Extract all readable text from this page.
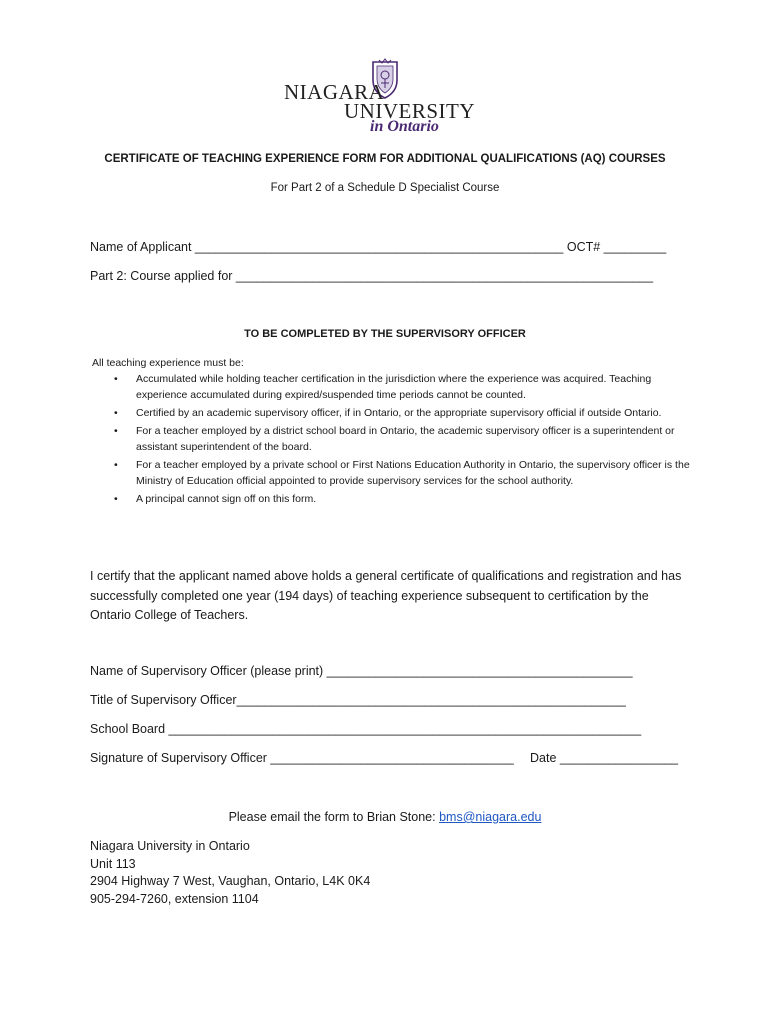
NIAGARA
UNIVERSITY
in Ontario
CERTIFICATE OF TEACHING EXPERIENCE FORM FOR ADDITIONAL QUALIFICATIONS (AQ) COURSES
For Part 2 of a Schedule D Specialist Course
Name of Applicant _____________________________________________________ OCT# _________
Part 2: Course applied for ____________________________________________________________
TO BE COMPLETED BY THE SUPERVISORY OFFICER
All teaching experience must be:
• Accumulated while holding teacher certification in the jurisdiction where the experience was acquired. Teaching experience accumulated during expired/suspended time periods cannot be counted.
• Certified by an academic supervisory officer, if in Ontario, or the appropriate supervisory official if outside Ontario.
• For a teacher employed by a district school board in Ontario, the academic supervisory officer is a superintendent or assistant superintendent of the board.
• For a teacher employed by a private school or First Nations Education Authority in Ontario, the supervisory officer is the Ministry of Education official appointed to provide supervisory services for the school authority.
• A principal cannot sign off on this form.
I certify that the applicant named above holds a general certificate of qualifications and registration and has successfully completed one year (194 days) of teaching experience subsequent to certification by the Ontario College of Teachers.
Name of Supervisory Officer (please print) ____________________________________________
Title of Supervisory Officer________________________________________________________
School Board ____________________________________________________________________
Signature of Supervisory Officer ___________________________________ Date _________________
Please email the form to Brian Stone: bms@niagara.edu
Niagara University in Ontario
Unit 113
2904 Highway 7 West, Vaughan, Ontario, L4K 0K4
905-294-7260, extension 1104
